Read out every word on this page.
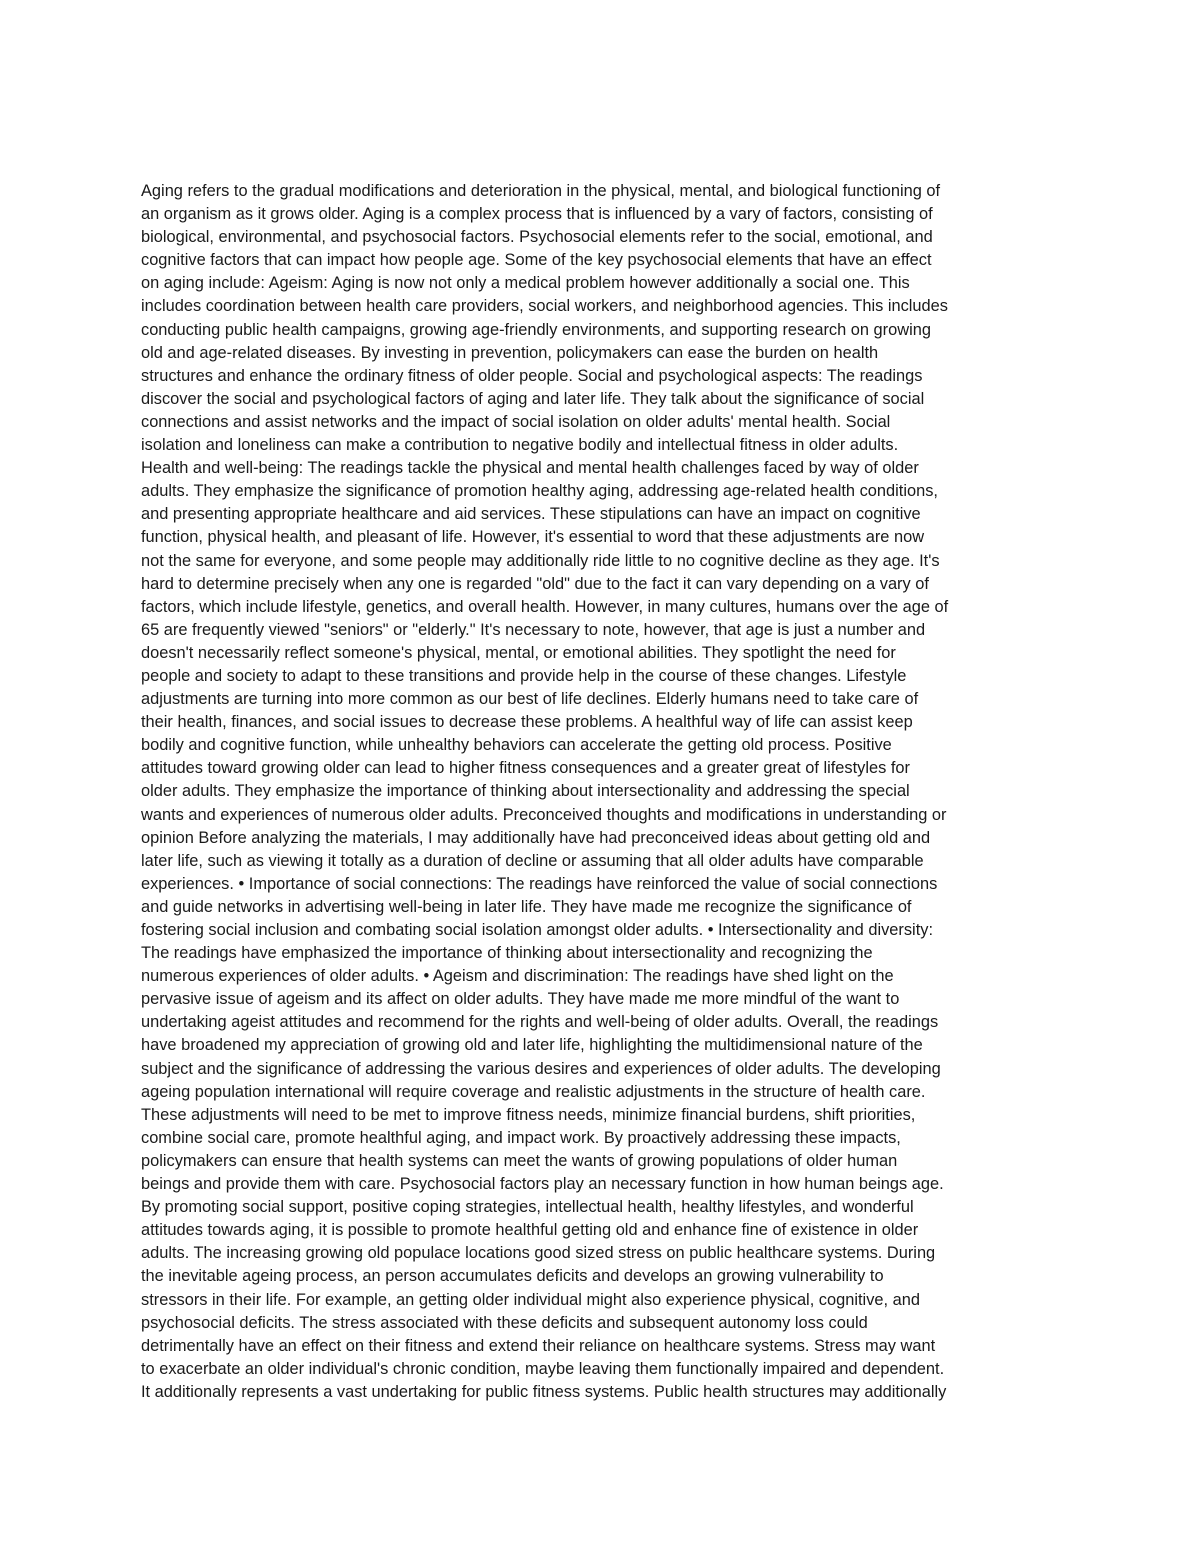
Aging refers to the gradual modifications and deterioration in the physical, mental, and biological functioning of
an organism as it grows older. Aging is a complex process that is influenced by a vary of factors, consisting of
biological, environmental, and psychosocial factors. Psychosocial elements refer to the social, emotional, and
cognitive factors that can impact how people age. Some of the key psychosocial elements that have an effect
on aging include: Ageism: Aging is now not only a medical problem however additionally a social one. This
includes coordination between health care providers, social workers, and neighborhood agencies. This includes
conducting public health campaigns, growing age-friendly environments, and supporting research on growing
old and age-related diseases. By investing in prevention, policymakers can ease the burden on health
structures and enhance the ordinary fitness of older people. Social and psychological aspects: The readings
discover the social and psychological factors of aging and later life. They talk about the significance of social
connections and assist networks and the impact of social isolation on older adults' mental health. Social
isolation and loneliness can make a contribution to negative bodily and intellectual fitness in older adults.
Health and well-being: The readings tackle the physical and mental health challenges faced by way of older
adults. They emphasize the significance of promotion healthy aging, addressing age-related health conditions,
and presenting appropriate healthcare and aid services. These stipulations can have an impact on cognitive
function, physical health, and pleasant of life. However, it's essential to word that these adjustments are now
not the same for everyone, and some people may additionally ride little to no cognitive decline as they age. It's
hard to determine precisely when any one is regarded "old" due to the fact it can vary depending on a vary of
factors, which include lifestyle, genetics, and overall health. However, in many cultures, humans over the age of
65 are frequently viewed "seniors" or "elderly." It's necessary to note, however, that age is just a number and
doesn't necessarily reflect someone's physical, mental, or emotional abilities. They spotlight the need for
people and society to adapt to these transitions and provide help in the course of these changes. Lifestyle
adjustments are turning into more common as our best of life declines. Elderly humans need to take care of
their health, finances, and social issues to decrease these problems. A healthful way of life can assist keep
bodily and cognitive function, while unhealthy behaviors can accelerate the getting old process. Positive
attitudes toward growing older can lead to higher fitness consequences and a greater great of lifestyles for
older adults. They emphasize the importance of thinking about intersectionality and addressing the special
wants and experiences of numerous older adults. Preconceived thoughts and modifications in understanding or
opinion Before analyzing the materials, I may additionally have had preconceived ideas about getting old and
later life, such as viewing it totally as a duration of decline or assuming that all older adults have comparable
experiences. • Importance of social connections: The readings have reinforced the value of social connections
and guide networks in advertising well-being in later life. They have made me recognize the significance of
fostering social inclusion and combating social isolation amongst older adults. • Intersectionality and diversity:
The readings have emphasized the importance of thinking about intersectionality and recognizing the
numerous experiences of older adults. • Ageism and discrimination: The readings have shed light on the
pervasive issue of ageism and its affect on older adults. They have made me more mindful of the want to
undertaking ageist attitudes and recommend for the rights and well-being of older adults. Overall, the readings
have broadened my appreciation of growing old and later life, highlighting the multidimensional nature of the
subject and the significance of addressing the various desires and experiences of older adults. The developing
ageing population international will require coverage and realistic adjustments in the structure of health care.
These adjustments will need to be met to improve fitness needs, minimize financial burdens, shift priorities,
combine social care, promote healthful aging, and impact work. By proactively addressing these impacts,
policymakers can ensure that health systems can meet the wants of growing populations of older human
beings and provide them with care. Psychosocial factors play an necessary function in how human beings age.
By promoting social support, positive coping strategies, intellectual health, healthy lifestyles, and wonderful
attitudes towards aging, it is possible to promote healthful getting old and enhance fine of existence in older
adults. The increasing growing old populace locations good sized stress on public healthcare systems. During
the inevitable ageing process, an person accumulates deficits and develops an growing vulnerability to
stressors in their life. For example, an getting older individual might also experience physical, cognitive, and
psychosocial deficits. The stress associated with these deficits and subsequent autonomy loss could
detrimentally have an effect on their fitness and extend their reliance on healthcare systems. Stress may want
to exacerbate an older individual's chronic condition, maybe leaving them functionally impaired and dependent.
It additionally represents a vast undertaking for public fitness systems. Public health structures may additionally
